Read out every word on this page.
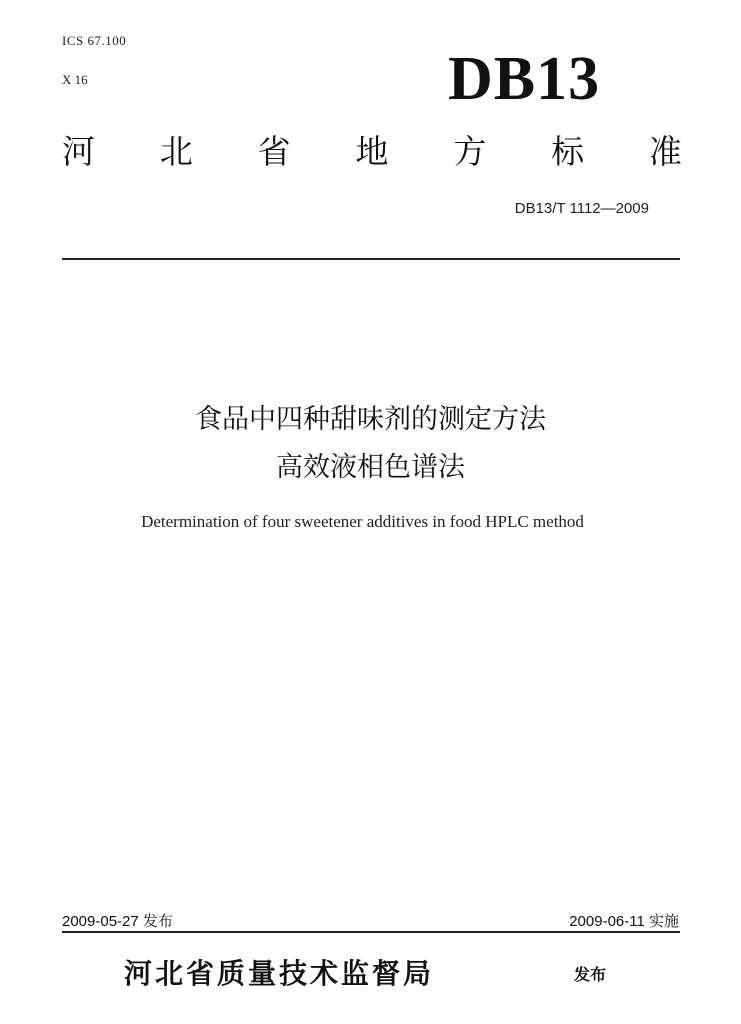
ICS 67.100
X 16	DB13
河 北 省 地 方 标 准
DB13/T 1112—2009
食品中四种甜味剂的测定方法
高效液相色谱法
Determination of four sweetener additives in food HPLC method
2009-05-27 发布	2009-06-11 实施
河北省质量技术监督局	发布
